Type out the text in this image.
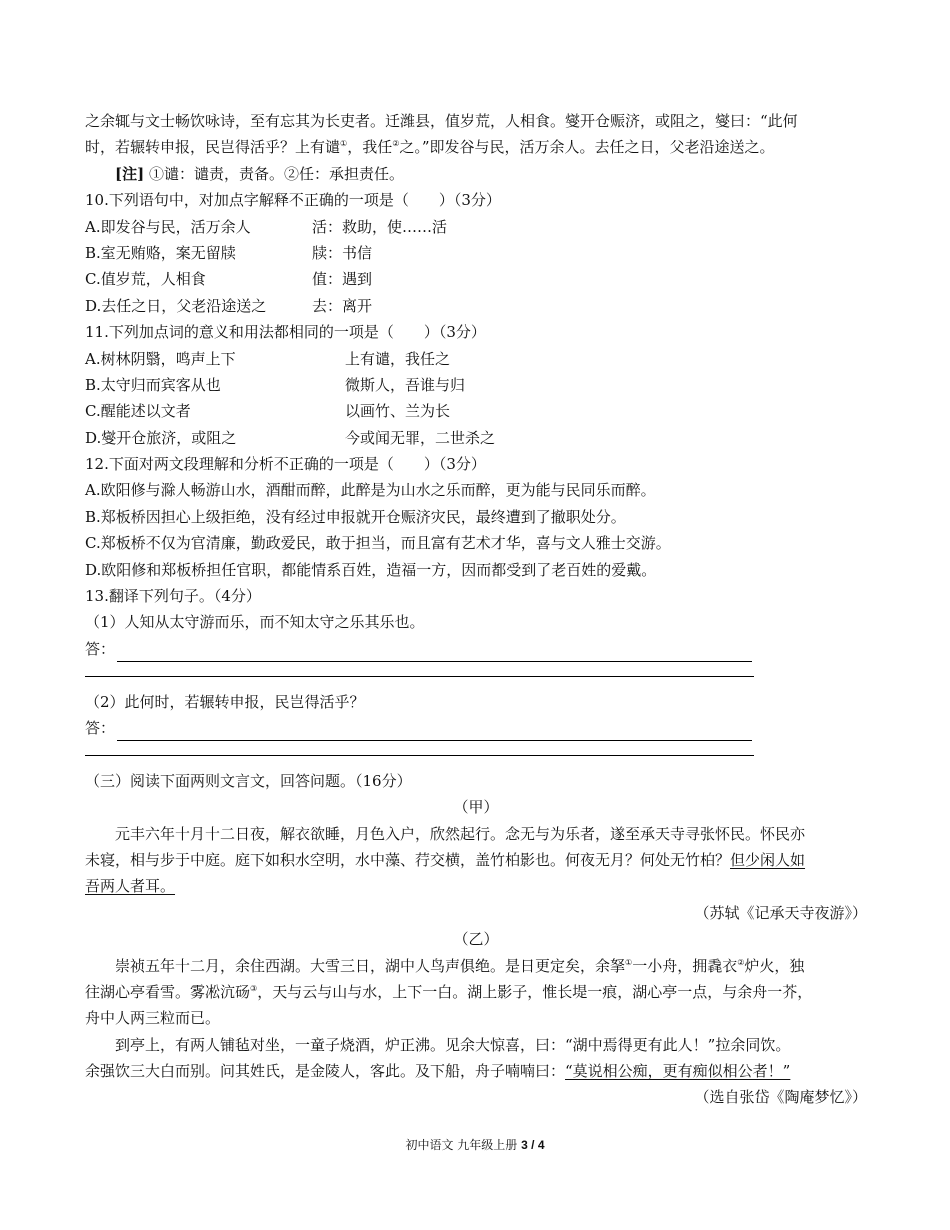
之余辄与文士畅饮咏诗，至有忘其为长吏者。迁潍县，值岁荒，人相食。燮开仓赈济，或阻之，燮曰：“此何
时，若辗转申报，民岂得活乎？上有谴①，我任②之。”即发谷与民，活万余人。去任之日，父老沿途送之。
[注] ①谴：谴责，责备。②任：承担责任。
10.下列语句中，对加点字解释不正确的一项是（　　）（3分）
A.即发谷与民，活万余人	活：救助，使……活
B.室无贿赂，案无留牍	牍：书信
C.值岁荒，人相食	值：遇到
D.去任之日，父老沿途送之	去：离开
11.下列加点词的意义和用法都相同的一项是（　　）（3分）
A.树林阴翳，鸣声上下	上有谴，我任之
B.太守归而宾客从也	微斯人，吾谁与归
C.醒能述以文者	以画竹、兰为长
D.燮开仓旅济，或阻之	今或闻无罪，二世杀之
12.下面对两文段理解和分析不正确的一项是（　　）（3分）
A.欧阳修与滁人畅游山水，酒酣而醉，此醉是为山水之乐而醉，更为能与民同乐而醉。
B.郑板桥因担心上级拒绝，没有经过申报就开仓赈济灾民，最终遭到了撤职处分。
C.郑板桥不仅为官清廉，勤政爱民，敢于担当，而且富有艺术才华，喜与文人雅士交游。
D.欧阳修和郑板桥担任官职，都能情系百姓，造福一方，因而都受到了老百姓的爱戴。
13.翻译下列句子。（4分）
（1）人知从太守游而乐，而不知太守之乐其乐也。
答：
（2）此何时，若辗转申报，民岂得活乎？
答：
（三）阅读下面两则文言文，回答问题。（16分）
（甲）
元丰六年十月十二日夜，解衣欲睡，月色入户，欣然起行。念无与为乐者，遂至承天寺寻张怀民。怀民亦
未寝，相与步于中庭。庭下如积水空明，水中藻、荇交横，盖竹柏影也。何夜无月？何处无竹柏？但少闲人如
吾两人者耳。
（苏轼《记承天寺夜游》）
（乙）
崇祯五年十二月，余住西湖。大雪三日，湖中人鸟声俱绝。是日更定矣，余拏①一小舟，拥毳衣②炉火，独
往湖心亭看雪。雾凇沆砀③，天与云与山与水，上下一白。湖上影子，惟长堤一痕，湖心亭一点，与余舟一芥，
舟中人两三粒而已。
到亭上，有两人铺毡对坐，一童子烧酒，炉正沸。见余大惊喜，曰：“湖中焉得更有此人！”拉余同饮。
余强饮三大白而别。问其姓氏，是金陵人，客此。及下船，舟子喃喃曰：“莫说相公痴，更有痴似相公者！”
（选自张岱《陶庵梦忆》）
初中语文 九年级上册 3 / 4
